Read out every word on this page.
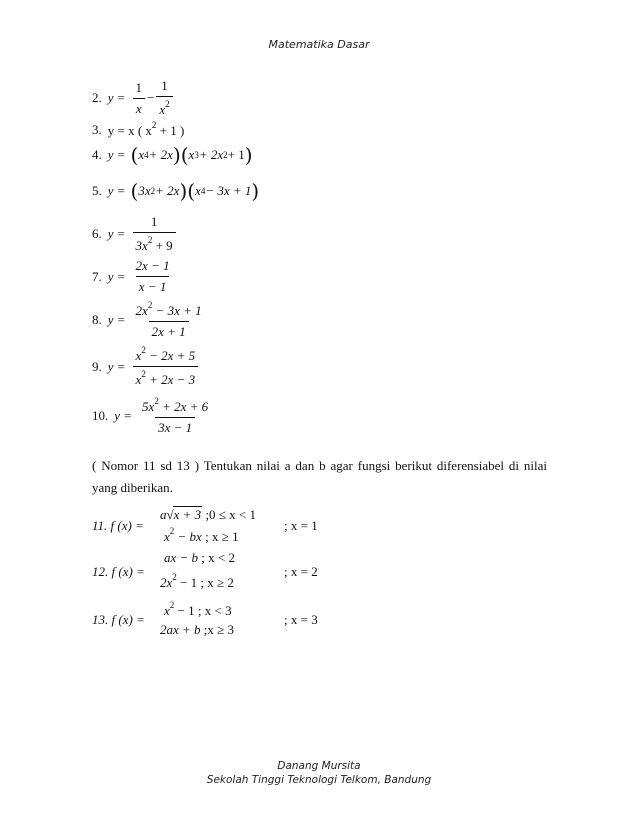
Matematika Dasar
2. $y = \frac{1}{x} - \frac{1}{x^2}$
3. y = x ( $x^2 + 1$ )
4. y = ( x 4 + 2x )( x 3 + 2x 2 + 1 )
5. y = ( 3x 2 + 2x )( x 4 − 3x + 1 )
6. $y = \frac{1}{3x^2 + 9}$
7. $y = \frac{2x - 1}{x - 1}$
8. $y = \frac{2x^2 - 3x + 1}{2x + 1}$
9. $y = \frac{x^2 - 2x + 5}{x^2 + 2x - 3}$
10. $y = \frac{5x^2 + 2x + 6}{3x - 1}$
( Nomor 11 sd 13 ) Tentukan nilai a dan b agar fungsi berikut diferensiabel di nilai yang diberikan.
11. f (x) =
a√x + 3 ;0 ≤ x < 1
$x^2$ − bx ; x ≥ 1
; x = 1
12. f (x) =
ax − b ; x < 2
$2x^2 - 1$ ; x ≥ 2
; x = 2
13. f (x) =
$x^2 - 1$ ; x < 3
2ax + b ;x ≥ 3
; x = 3
Danang Mursita
Sekolah Tinggi Teknologi Telkom, Bandung
